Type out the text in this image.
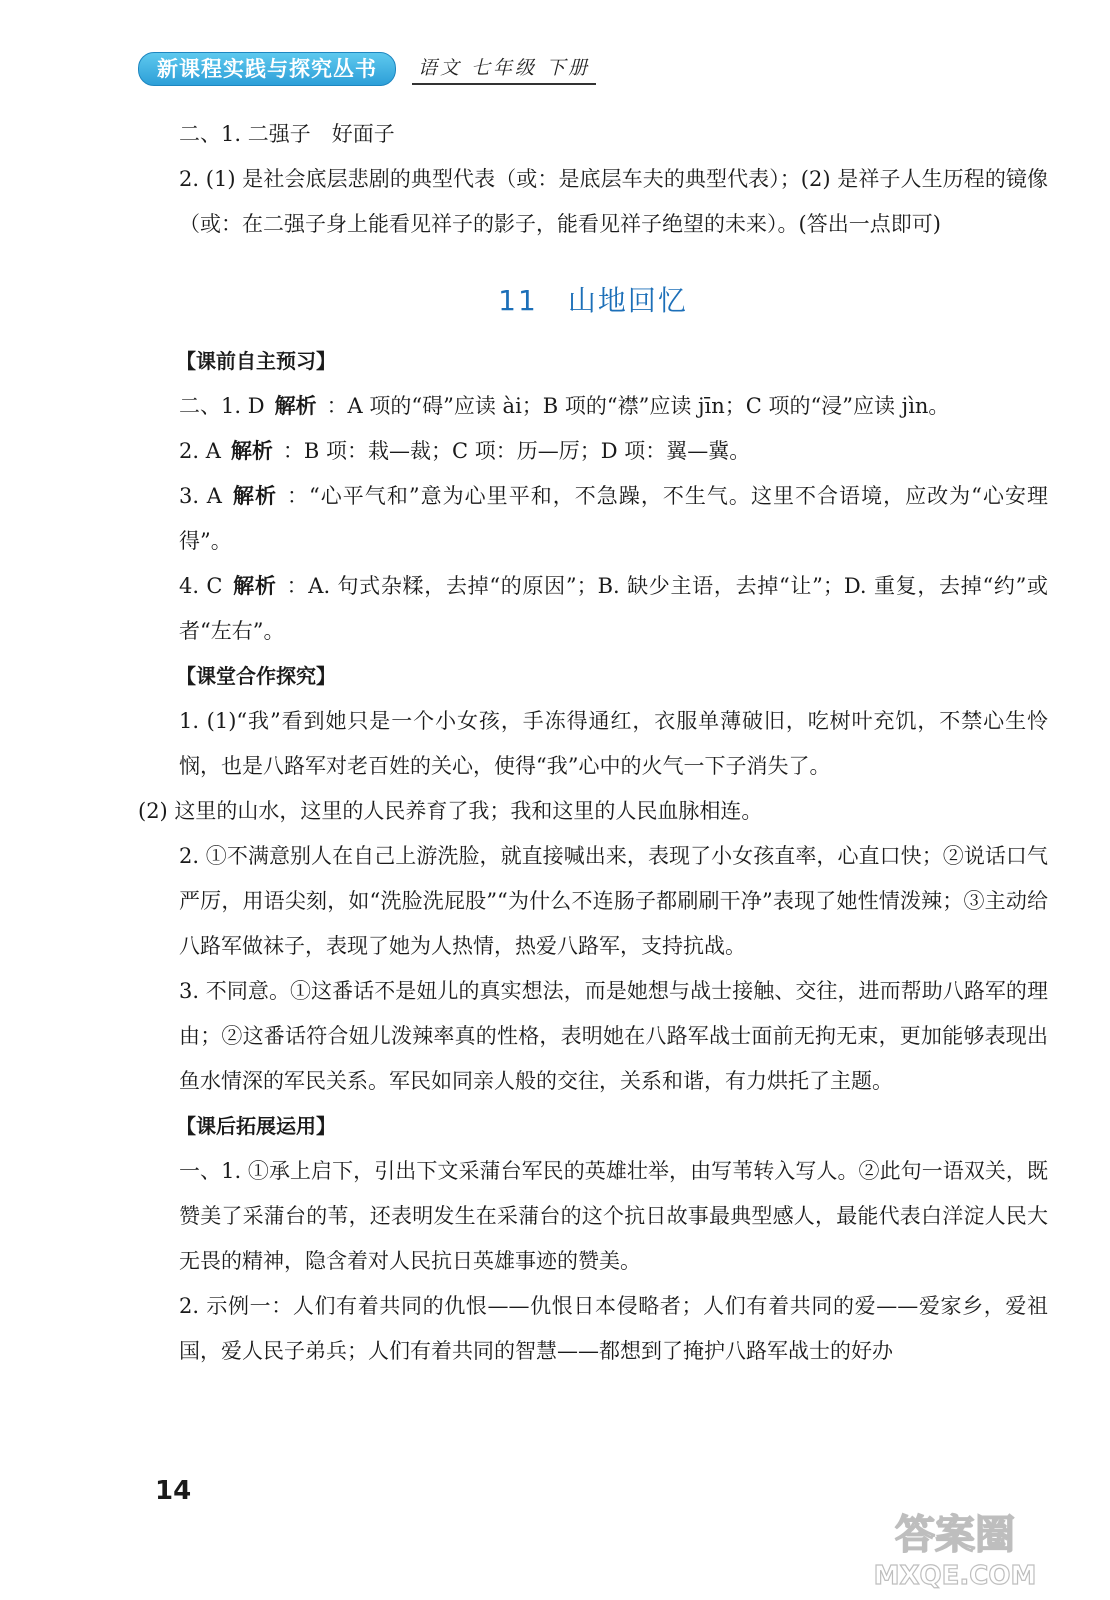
新课程实践与探究丛书	语文 七年级 下册

二、1. 二强子　好面子

2. (1) 是社会底层悲剧的典型代表（或：是底层车夫的典型代表）；(2) 是祥子人生历程的镜像（或：在二强子身上能看见祥子的影子，能看见祥子绝望的未来）。(答出一点即可)

11 山地回忆

【课前自主预习】

二、1. D 解析 ：A 项的“碍”应读 ài；B 项的“襟”应读 jīn；C 项的“浸”应读 jìn。

2. A 解析 ：B 项：栽—裁；C 项：历—厉；D 项：翼—冀。

3. A 解析 ：“心平气和”意为心里平和，不急躁，不生气。这里不合语境，应改为“心安理得”。

4. C 解析 ：A. 句式杂糅，去掉“的原因”；B. 缺少主语，去掉“让”；D. 重复，去掉“约”或者“左右”。

【课堂合作探究】

1. (1)“我”看到她只是一个小女孩，手冻得通红，衣服单薄破旧，吃树叶充饥，不禁心生怜悯，也是八路军对老百姓的关心，使得“我”心中的火气一下子消失了。

(2) 这里的山水，这里的人民养育了我；我和这里的人民血脉相连。

2. ①不满意别人在自己上游洗脸，就直接喊出来，表现了小女孩直率，心直口快；②说话口气严厉，用语尖刻，如“洗脸洗屁股”“为什么不连肠子都刷刷干净”表现了她性情泼辣；③主动给八路军做袜子，表现了她为人热情，热爱八路军，支持抗战。

3. 不同意。①这番话不是妞儿的真实想法，而是她想与战士接触、交往，进而帮助八路军的理由；②这番话符合妞儿泼辣率真的性格，表明她在八路军战士面前无拘无束，更加能够表现出鱼水情深的军民关系。军民如同亲人般的交往，关系和谐，有力烘托了主题。

【课后拓展运用】

一、1. ①承上启下，引出下文采蒲台军民的英雄壮举，由写苇转入写人。②此句一语双关，既赞美了采蒲台的苇，还表明发生在采蒲台的这个抗日故事最典型感人，最能代表白洋淀人民大无畏的精神，隐含着对人民抗日英雄事迹的赞美。

2. 示例一：人们有着共同的仇恨——仇恨日本侵略者；人们有着共同的爱——爱家乡，爱祖国，爱人民子弟兵；人们有着共同的智慧——都想到了掩护八路军战士的好办

14
答案圈
MXQE.COM
